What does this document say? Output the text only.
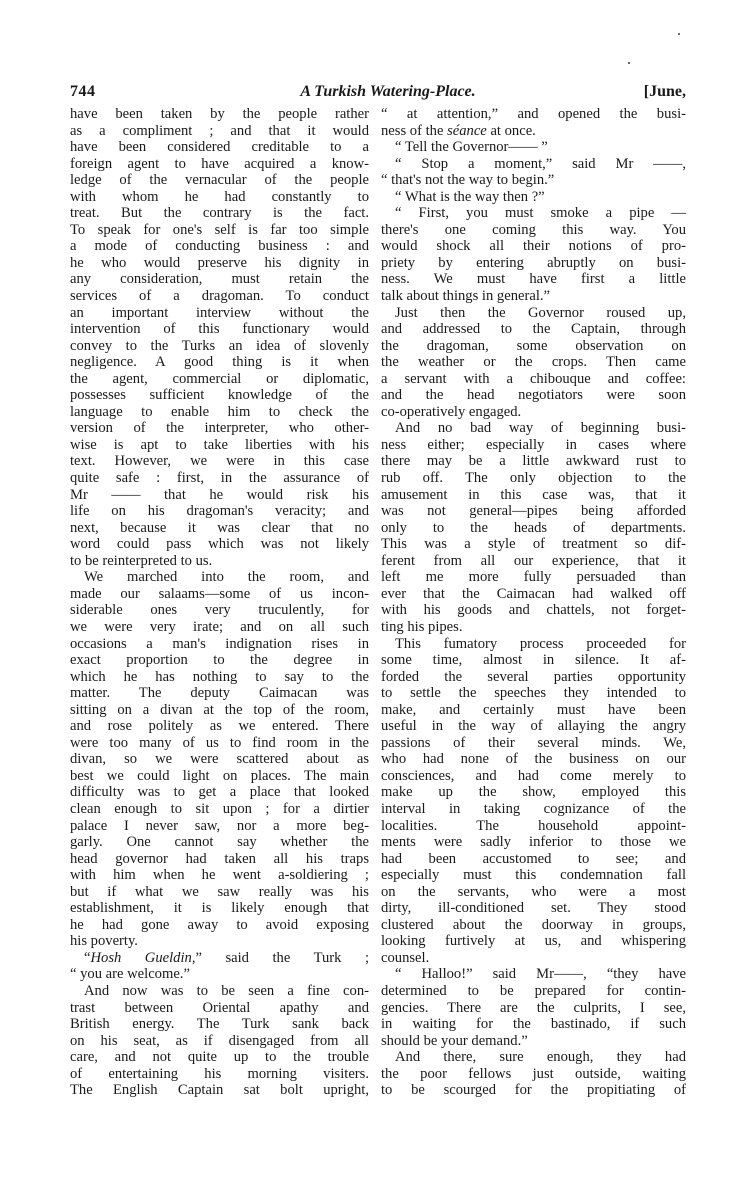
744	A Turkish Watering-Place.	[June,
have been taken by the people rather
as a compliment ; and that it would
have been considered creditable to a
foreign agent to have acquired a know-
ledge of the vernacular of the people
with whom he had constantly to
treat. But the contrary is the fact.
To speak for one's self is far too simple
a mode of conducting business : and
he who would preserve his dignity in
any consideration, must retain the
services of a dragoman. To conduct
an important interview without the
intervention of this functionary would
convey to the Turks an idea of slovenly
negligence. A good thing is it when
the agent, commercial or diplomatic,
possesses sufficient knowledge of the
language to enable him to check the
version of the interpreter, who other-
wise is apt to take liberties with his
text. However, we were in this case
quite safe : first, in the assurance of
Mr —— that he would risk his
life on his dragoman's veracity; and
next, because it was clear that no
word could pass which was not likely
to be reinterpreted to us.
We marched into the room, and
made our salaams—some of us incon-
siderable ones very truculently, for
we were very irate; and on all such
occasions a man's indignation rises in
exact proportion to the degree in
which he has nothing to say to the
matter. The deputy Caimacan was
sitting on a divan at the top of the room,
and rose politely as we entered. There
were too many of us to find room in the
divan, so we were scattered about as
best we could light on places. The main
difficulty was to get a place that looked
clean enough to sit upon ; for a dirtier
palace I never saw, nor a more beg-
garly. One cannot say whether the
head governor had taken all his traps
with him when he went a-soldiering ;
but if what we saw really was his
establishment, it is likely enough that
he had gone away to avoid exposing
his poverty.
“Hosh Gueldin,” said the Turk ;
“ you are welcome.”
And now was to be seen a fine con-
trast between Oriental apathy and
British energy. The Turk sank back
on his seat, as if disengaged from all
care, and not quite up to the trouble
of entertaining his morning visiters.
The English Captain sat bolt upright,
“ at attention,” and opened the busi-
ness of the séance at once.
“ Tell the Governor—— ”
“ Stop a moment,” said Mr ——,
“ that's not the way to begin.”
“ What is the way then ?”
“ First, you must smoke a pipe —
there's one coming this way. You
would shock all their notions of pro-
priety by entering abruptly on busi-
ness. We must have first a little
talk about things in general.”
Just then the Governor roused up,
and addressed to the Captain, through
the dragoman, some observation on
the weather or the crops. Then came
a servant with a chibouque and coffee:
and the head negotiators were soon
co-operatively engaged.
And no bad way of beginning busi-
ness either; especially in cases where
there may be a little awkward rust to
rub off. The only objection to the
amusement in this case was, that it
was not general—pipes being afforded
only to the heads of departments.
This was a style of treatment so dif-
ferent from all our experience, that it
left me more fully persuaded than
ever that the Caimacan had walked off
with his goods and chattels, not forget-
ting his pipes.
This fumatory process proceeded for
some time, almost in silence. It af-
forded the several parties opportunity
to settle the speeches they intended to
make, and certainly must have been
useful in the way of allaying the angry
passions of their several minds. We,
who had none of the business on our
consciences, and had come merely to
make up the show, employed this
interval in taking cognizance of the
localities. The household appoint-
ments were sadly inferior to those we
had been accustomed to see; and
especially must this condemnation fall
on the servants, who were a most
dirty, ill-conditioned set. They stood
clustered about the doorway in groups,
looking furtively at us, and whispering
counsel.
“ Halloo!” said Mr——, “they have
determined to be prepared for contin-
gencies. There are the culprits, I see,
in waiting for the bastinado, if such
should be your demand.”
And there, sure enough, they had
the poor fellows just outside, waiting
to be scourged for the propitiating of
